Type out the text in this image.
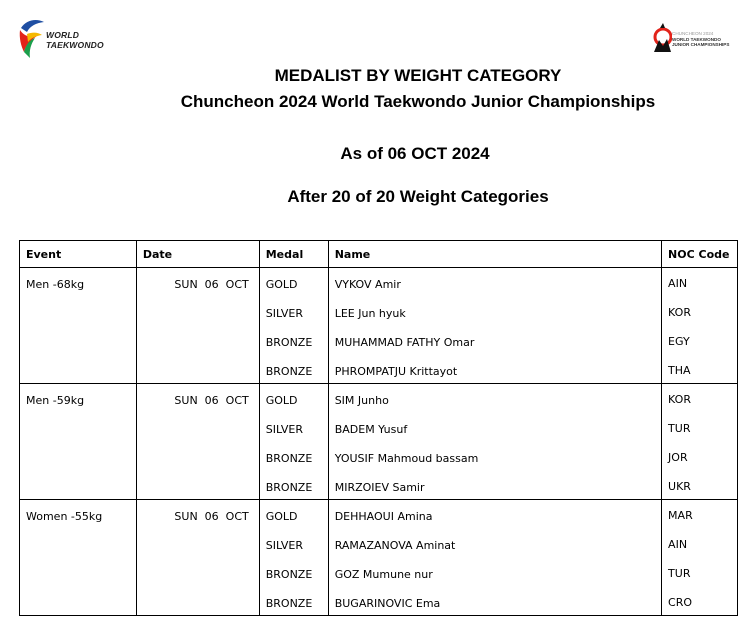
WORLD
TAEKWONDO
CHUNCHEON 2024
WORLD TAEKWONDO
JUNIOR CHAMPIONSHIPS
MEDALIST BY WEIGHT CATEGORY
Chuncheon 2024 World Taekwondo Junior Championships
As of 06 OCT 2024
After 20 of 20 Weight Categories
Event	Date	Medal	Name	NOC Code
Men -68kg	SUN  06  OCT	GOLD	VYKOV Amir	AIN
		SILVER	LEE Jun hyuk	KOR
		BRONZE	MUHAMMAD FATHY Omar	EGY
		BRONZE	PHROMPATJU Krittayot	THA
Men -59kg	SUN  06  OCT	GOLD	SIM Junho	KOR
		SILVER	BADEM Yusuf	TUR
		BRONZE	YOUSIF Mahmoud bassam	JOR
		BRONZE	MIRZOIEV Samir	UKR
Women -55kg	SUN  06  OCT	GOLD	DEHHAOUI Amina	MAR
		SILVER	RAMAZANOVA Aminat	AIN
		BRONZE	GOZ Mumune nur	TUR
		BRONZE	BUGARINOVIC Ema	CRO
